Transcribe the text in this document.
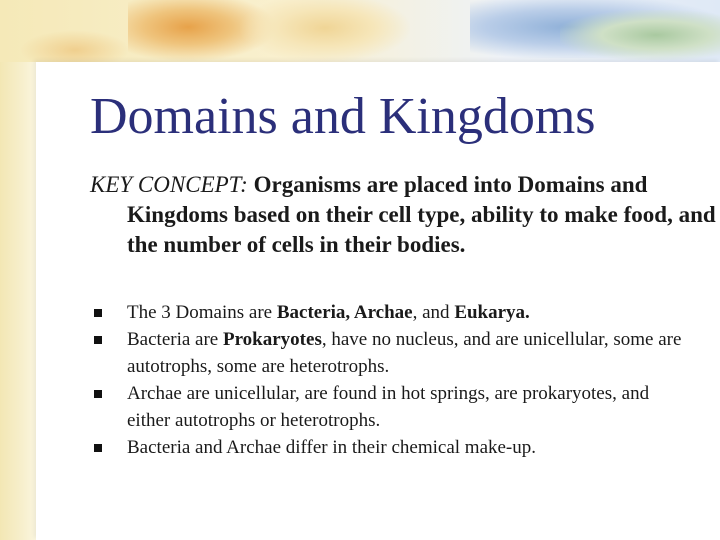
Domains and Kingdoms
KEY CONCEPT: Organisms are placed into Domains and Kingdoms based on their cell type, ability to make food, and the number of cells in their bodies.
The 3 Domains are Bacteria, Archae, and Eukarya.
Bacteria are Prokaryotes, have no nucleus, and are unicellular, some are autotrophs, some are heterotrophs.
Archae are unicellular, are found in hot springs, are prokaryotes, and either autotrophs or heterotrophs.
Bacteria and Archae differ in their chemical make-up.
